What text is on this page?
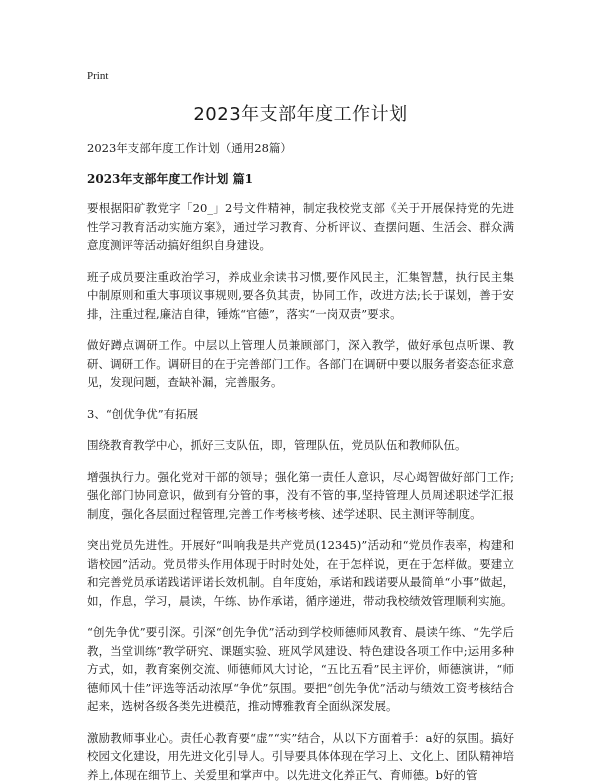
Print
2023年支部年度工作计划
2023年支部年度工作计划（通用28篇）
2023年支部年度工作计划 篇1

要根据阳矿教党字「20_」2号文件精神，制定我校党支部《关于开展保持党的先进性学习教育活动实施方案》，通过学习教育、分析评议、查摆问题、生活会、群众满意度测评等活动搞好组织自身建设。

班子成员要注重政治学习，养成业余读书习惯,要作风民主，汇集智慧，执行民主集中制原则和重大事项议事规则,要各负其责，协同工作，改进方法;长于谋划，善于安排，注重过程,廉洁自律，锤炼“官德”，落实“一岗双责”要求。

做好蹲点调研工作。中层以上管理人员兼顾部门，深入教学，做好承包点听课、教研、调研工作。调研目的在于完善部门工作。各部门在调研中要以服务者姿态征求意见，发现问题，查缺补漏，完善服务。

3、“创优争优”有拓展

围绕教育教学中心，抓好三支队伍，即，管理队伍，党员队伍和教师队伍。

增强执行力。强化党对干部的领导；强化第一责任人意识，尽心竭智做好部门工作;强化部门协同意识，做到有分管的事，没有不管的事,坚持管理人员周述职述学汇报制度，强化各层面过程管理,完善工作考核考核、述学述职、民主测评等制度。

突出党员先进性。开展好“叫响我是共产党员(12345)”活动和“党员作表率，构建和谐校园”活动。党员带头作用体现于时时处处，在于怎样说，更在于怎样做。要建立和完善党员承诺践诺评诺长效机制。自年度始，承诺和践诺要从最简单“小事”做起，如，作息，学习，晨读，午练、协作承诺，循序递进，带动我校绩效管理顺利实施。

“创先争优”要引深。引深“创先争优”活动到学校师德师风教育、晨读午练、“先学后教，当堂训练”教学研究、课题实验、班风学风建设、特色建设各项工作中;运用多种方式，如，教育案例交流、师德师风大讨论，“五比五看”民主评价，师德演讲，“师德师风十佳”评选等活动浓厚“争优”氛围。要把“创先争优”活动与绩效工资考核结合起来，选树各级各类先进模范，推动博雅教育全面纵深发展。

激励教师事业心。责任心教育要“虚”“实”结合，从以下方面着手：a好的氛围。搞好校园文化建设，用先进文化引导人。引导要具体体现在学习上、文化上、团队精神培养上,体现在细节上、关爱里和掌声中。以先进文化养正气、育师德。b好的管
